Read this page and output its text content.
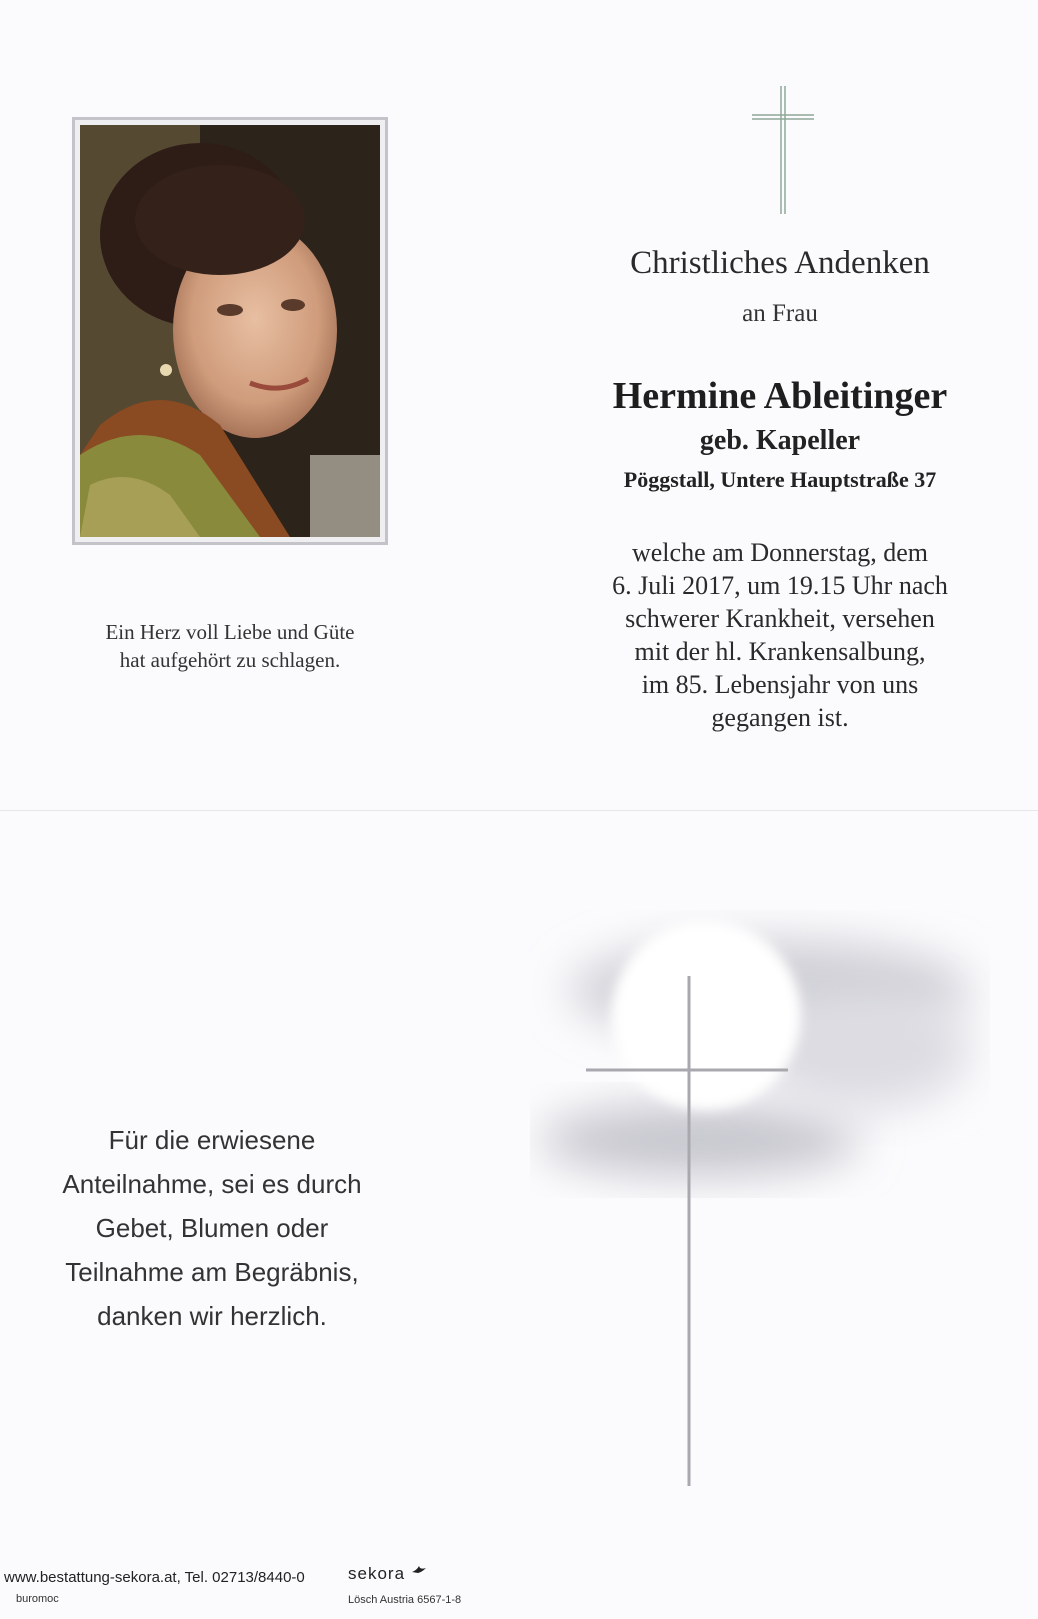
Ein Herz voll Liebe und Güte
hat aufgehört zu schlagen.
Christliches Andenken
an Frau
Hermine Ableitinger
geb. Kapeller
Pöggstall, Untere Hauptstraße 37
welche am Donnerstag, dem
6. Juli 2017, um 19.15 Uhr nach
schwerer Krankheit, versehen
mit der hl. Krankensalbung,
im 85. Lebensjahr von uns
gegangen ist.
Für die erwiesene
Anteilnahme, sei es durch
Gebet, Blumen oder
Teilnahme am Begräbnis,
danken wir herzlich.
www.bestattung-sekora.at, Tel. 02713/8440-0	sekora
buromoc	Lösch Austria 6567-1-8
